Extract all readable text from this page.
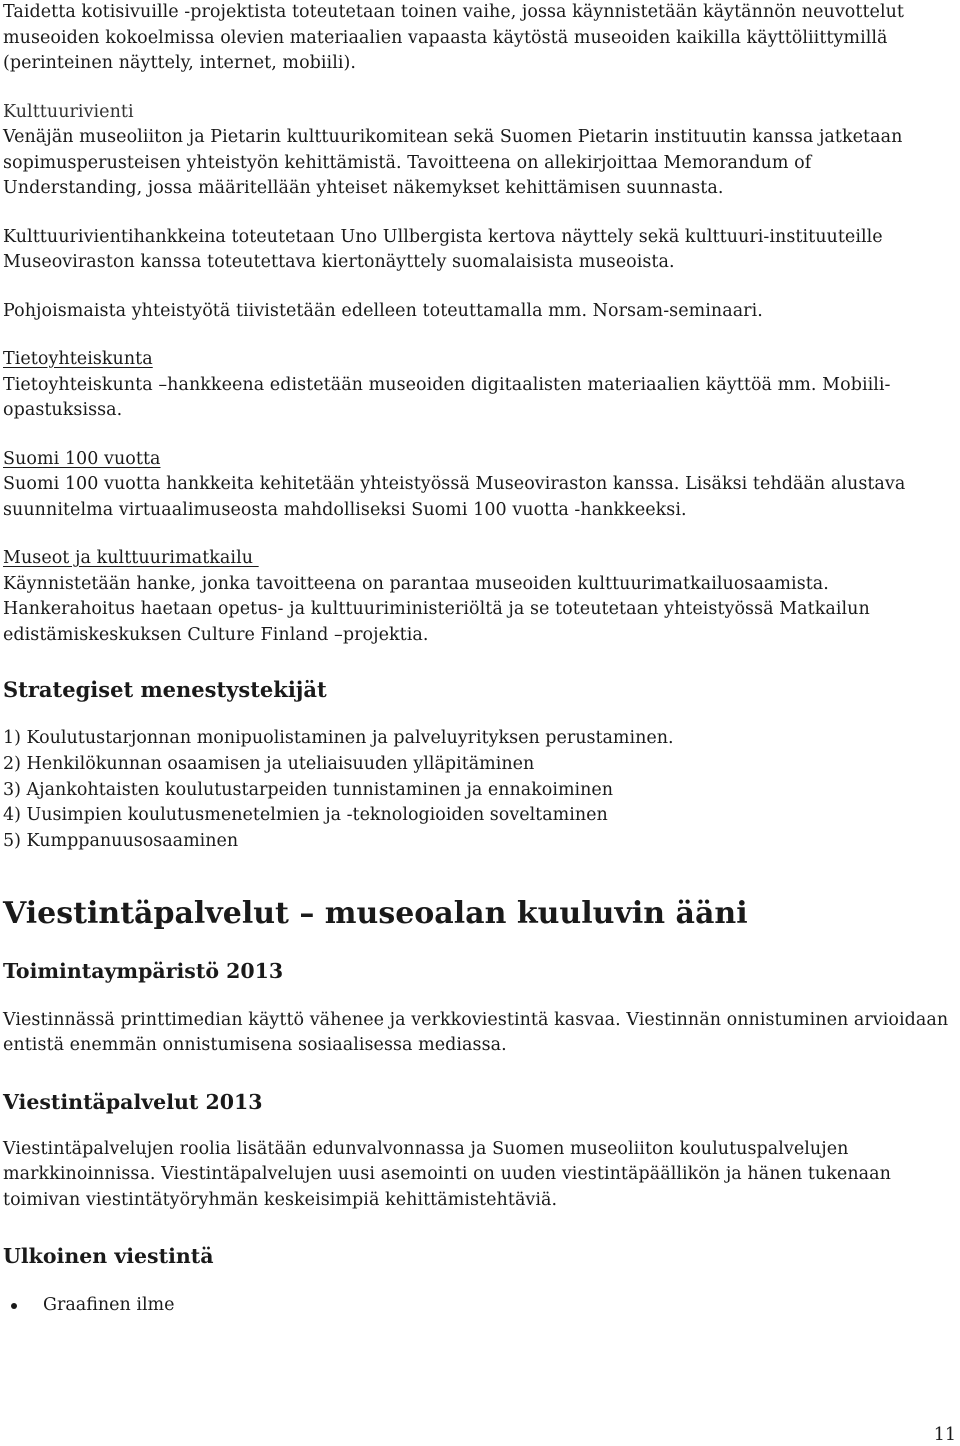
Taidetta kotisivuille -projektista toteutetaan toinen vaihe, jossa käynnistetään käytännön neuvottelut museoiden kokoelmissa olevien materiaalien vapaasta käytöstä museoiden kaikilla käyttöliittymillä (perinteinen näyttely, internet, mobiili).

Kulttuurivienti

Venäjän museoliiton ja Pietarin kulttuurikomitean sekä Suomen Pietarin instituutin kanssa jatketaan sopimusperusteisen yhteistyön kehittämistä. Tavoitteena on allekirjoittaa Memorandum of Understanding, jossa määritellään yhteiset näkemykset kehittämisen suunnasta.

Kulttuurivientihankkeina toteutetaan Uno Ullbergista kertova näyttely sekä kulttuuri-instituuteille Museoviraston kanssa toteutettava kiertonäyttely suomalaisista museoista.

Pohjoismaista yhteistyötä tiivistetään edelleen toteuttamalla mm. Norsam-seminaari.

Tietoyhteiskunta

Tietoyhteiskunta –hankkeena edistetään museoiden digitaalisten materiaalien käyttöä mm. Mobiili-opastuksissa.

Suomi 100 vuotta

Suomi 100 vuotta hankkeita kehitetään yhteistyössä Museoviraston kanssa. Lisäksi tehdään alustava suunnitelma virtuaalimuseosta mahdolliseksi Suomi 100 vuotta -hankkeeksi.

Museot ja kulttuurimatkailu

Käynnistetään hanke, jonka tavoitteena on parantaa museoiden kulttuurimatkailuosaamista. Hankerahoitus haetaan opetus- ja kulttuuriministeriöltä ja se toteutetaan yhteistyössä Matkailun edistämiskeskuksen Culture Finland –projektia.

Strategiset menestystekijät
1) Koulutustarjonnan monipuolistaminen ja palveluyrityksen perustaminen.
2) Henkilökunnan osaamisen ja uteliaisuuden ylläpitäminen
3) Ajankohtaisten koulutustarpeiden tunnistaminen ja ennakoiminen
4) Uusimpien koulutusmenetelmien ja -teknologioiden soveltaminen
5) Kumppanuusosaaminen
Viestintäpalvelut – museoalan kuuluvin ääni
Toimintaympäristö 2013

Viestinnässä printtimedian käyttö vähenee ja verkkoviestintä kasvaa. Viestinnän onnistuminen arvioidaan entistä enemmän onnistumisena sosiaalisessa mediassa.

Viestintäpalvelut 2013

Viestintäpalvelujen roolia lisätään edunvalvonnassa ja Suomen museoliiton koulutuspalvelujen markkinoinnissa. Viestintäpalvelujen uusi asemointi on uuden viestintäpäällikön ja hänen tukenaan toimivan viestintätyöryhmän keskeisimpiä kehittämistehtäviä.

Ulkoinen viestintä
Graafinen ilme
11
